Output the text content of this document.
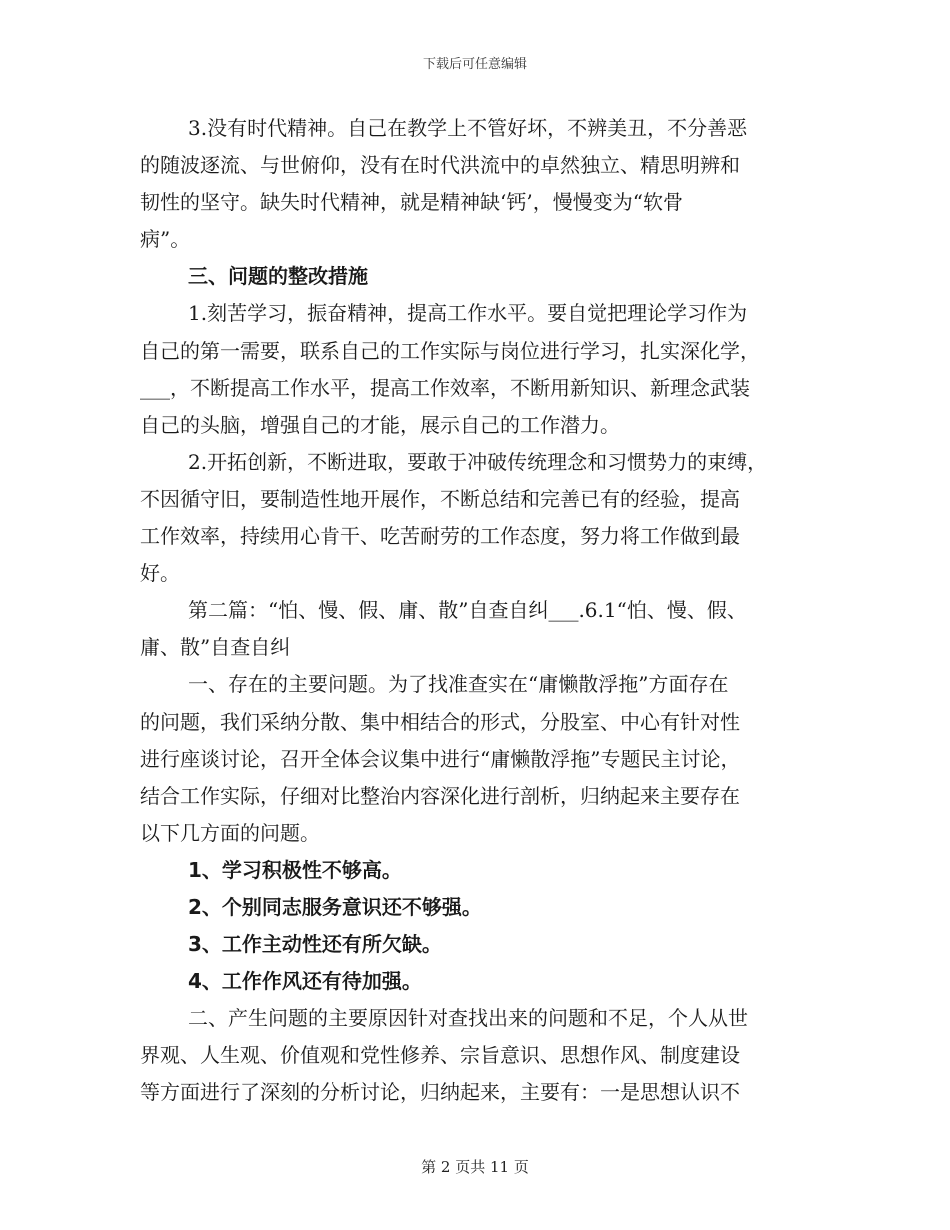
下载后可任意编辑
3.没有时代精神。自己在教学上不管好坏，不辨美丑，不分善恶
的随波逐流、与世俯仰，没有在时代洪流中的卓然独立、精思明辨和
韧性的坚守。缺失时代精神，就是精神缺‘钙’，慢慢变为“软骨
病”。
三、问题的整改措施
1.刻苦学习，振奋精神，提高工作水平。要自觉把理论学习作为
自己的第一需要，联系自己的工作实际与岗位进行学习，扎实深化学，
___，不断提高工作水平，提高工作效率，不断用新知识、新理念武装
自己的头脑，增强自己的才能，展示自己的工作潜力。
2.开拓创新，不断进取，要敢于冲破传统理念和习惯势力的束缚，
不因循守旧，要制造性地开展作，不断总结和完善已有的经验，提高
工作效率，持续用心肯干、吃苦耐劳的工作态度，努力将工作做到最
好。
第二篇：“怕、慢、假、庸、散”自查自纠___.6.1“怕、慢、假、
庸、散”自查自纠
一、存在的主要问题。为了找准查实在“庸懒散浮拖”方面存在
的问题，我们采纳分散、集中相结合的形式，分股室、中心有针对性
进行座谈讨论，召开全体会议集中进行“庸懒散浮拖”专题民主讨论，
结合工作实际，仔细对比整治内容深化进行剖析，归纳起来主要存在
以下几方面的问题。
1、学习积极性不够高。
2、个别同志服务意识还不够强。
3、工作主动性还有所欠缺。
4、工作作风还有待加强。
二、产生问题的主要原因针对查找出来的问题和不足，个人从世
界观、人生观、价值观和党性修养、宗旨意识、思想作风、制度建设
等方面进行了深刻的分析讨论，归纳起来，主要有：一是思想认识不
第 2 页共 11 页
